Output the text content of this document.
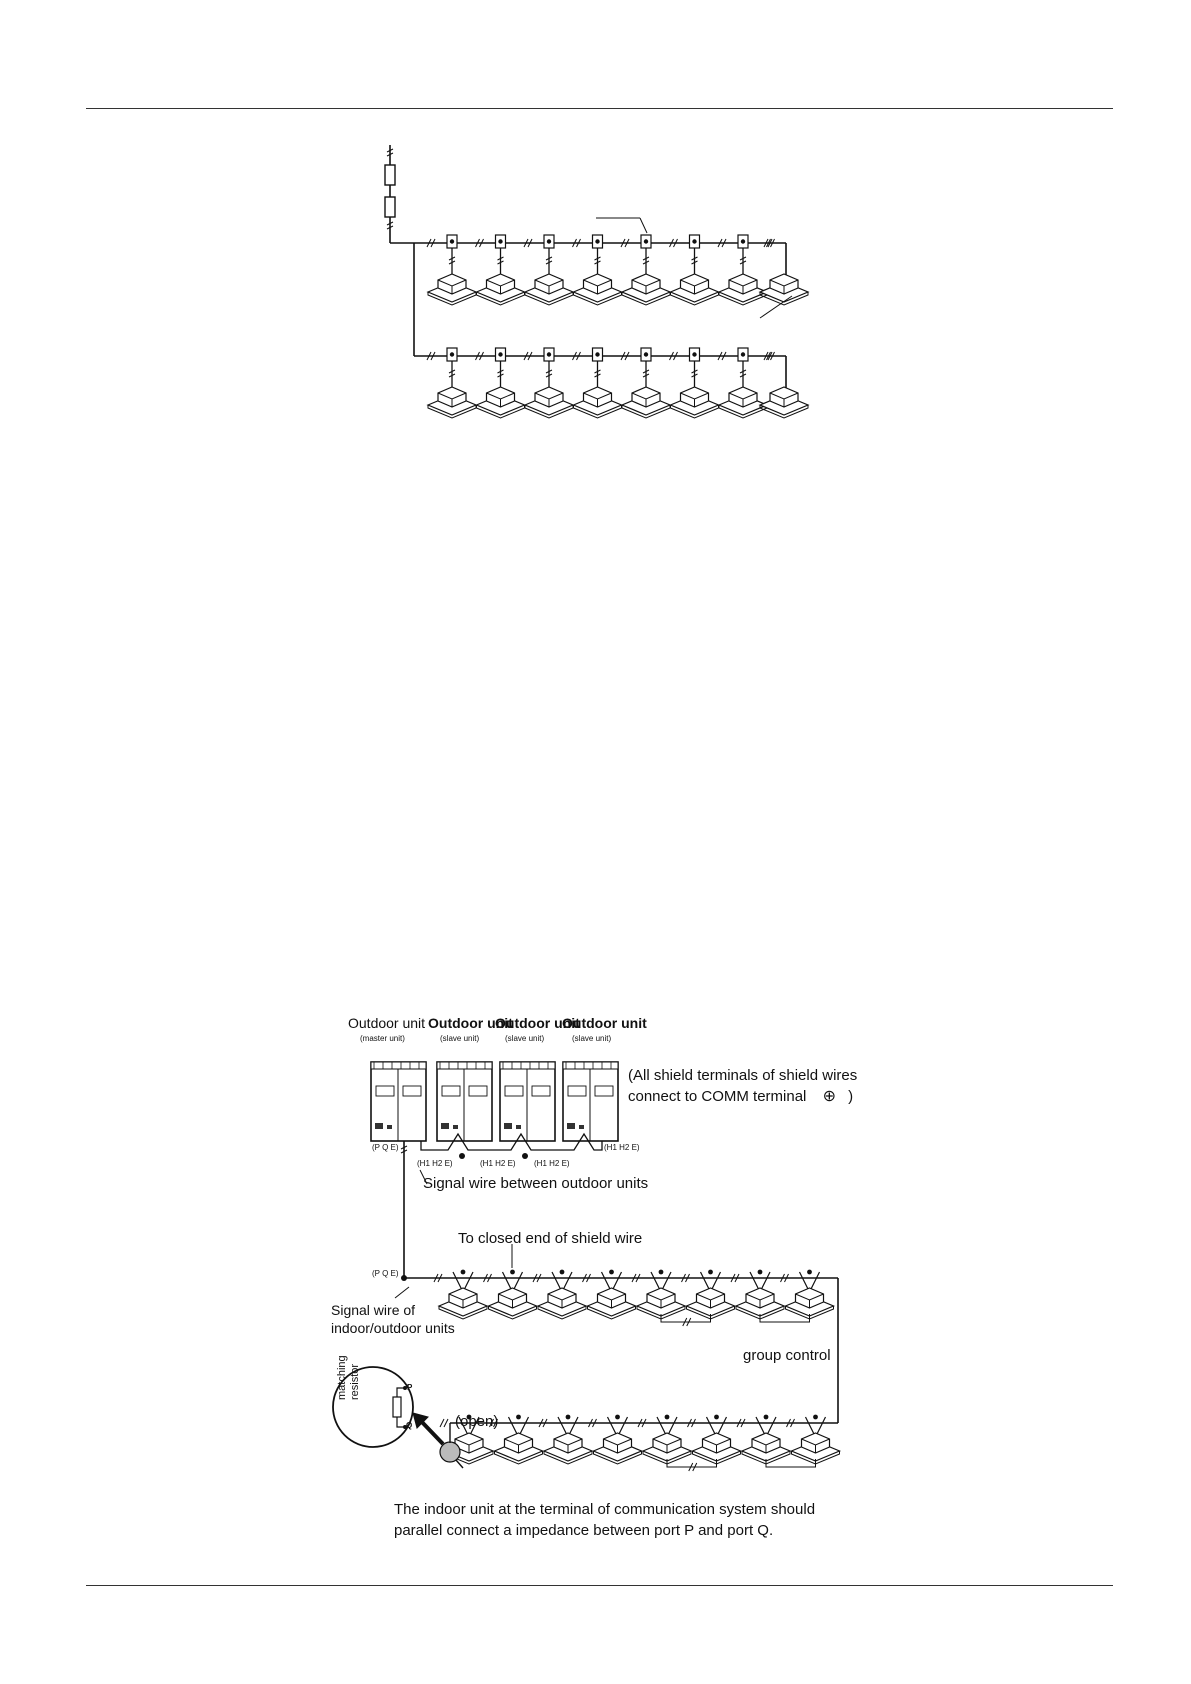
Outdoor unit
(master unit)
Outdoor unit
(slave unit)
Outdoor unit
(slave unit)
Outdoor unit
(slave unit)
(All shield terminals of shield wires
connect to COMM terminal ⊕ )
(P Q E)
(H1 H2 E)	(H1 H2 E) (H1 H2 E)
(H1 H2 E)
Signal wire between outdoor units
To closed end of shield wire
(P Q E)
Signal wire of
indoor/outdoor units
group control
(open)
matching resistor	P
Q
The indoor unit at the terminal of communication system should
parallel connect a impedance between port P and port Q.
